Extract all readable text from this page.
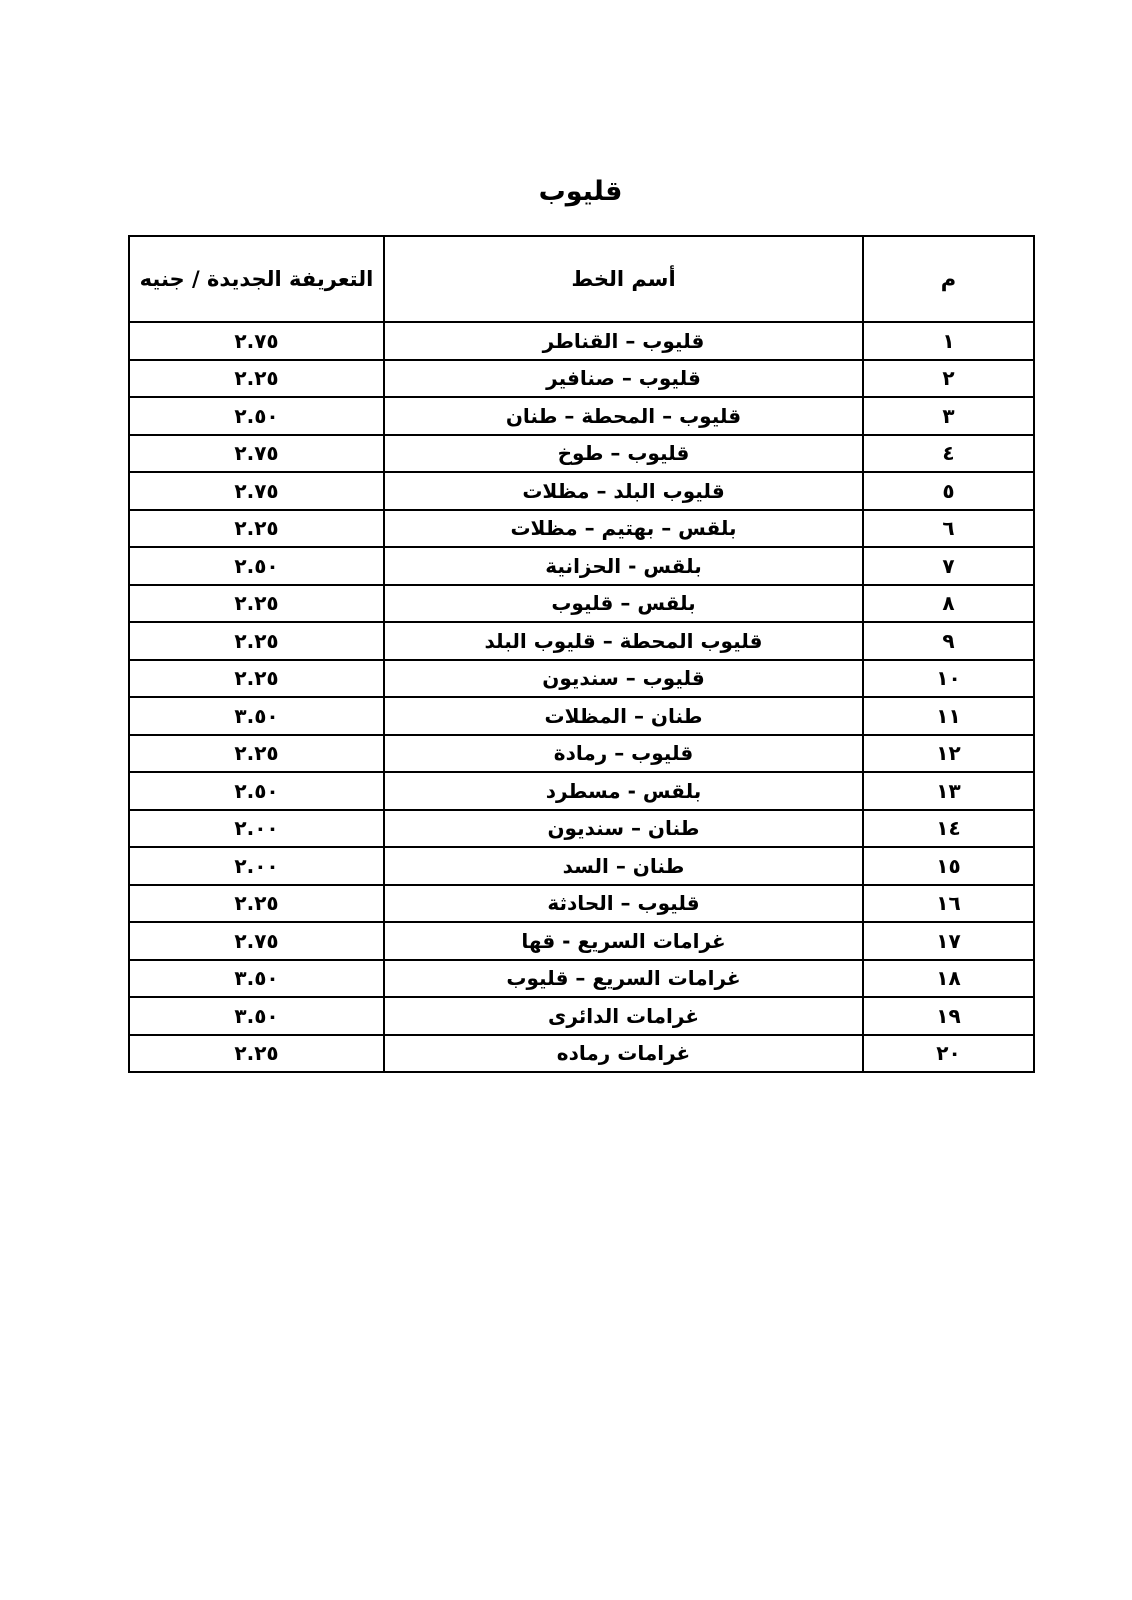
قليوب
م	أسم الخط	التعريفة الجديدة / جنيه
١	قليوب – القناطر	٢.٧٥
٢	قليوب – صنافير	٢.٢٥
٣	قليوب – المحطة – طنان	٢.٥٠
٤	قليوب – طوخ	٢.٧٥
٥	قليوب البلد – مظلات	٢.٧٥
٦	بلقس – بهتيم – مظلات	٢.٢٥
٧	بلقس - الحزانية	٢.٥٠
٨	بلقس – قليوب	٢.٢٥
٩	قليوب المحطة – قليوب البلد	٢.٢٥
١٠	قليوب – سنديون	٢.٢٥
١١	طنان – المظلات	٣.٥٠
١٢	قليوب – رمادة	٢.٢٥
١٣	بلقس - مسطرد	٢.٥٠
١٤	طنان – سنديون	٢.٠٠
١٥	طنان – السد	٢.٠٠
١٦	قليوب – الحادثة	٢.٢٥
١٧	غرامات السريع - قها	٢.٧٥
١٨	غرامات السريع – قليوب	٣.٥٠
١٩	غرامات الدائرى	٣.٥٠
٢٠	غرامات رماده	٢.٢٥
